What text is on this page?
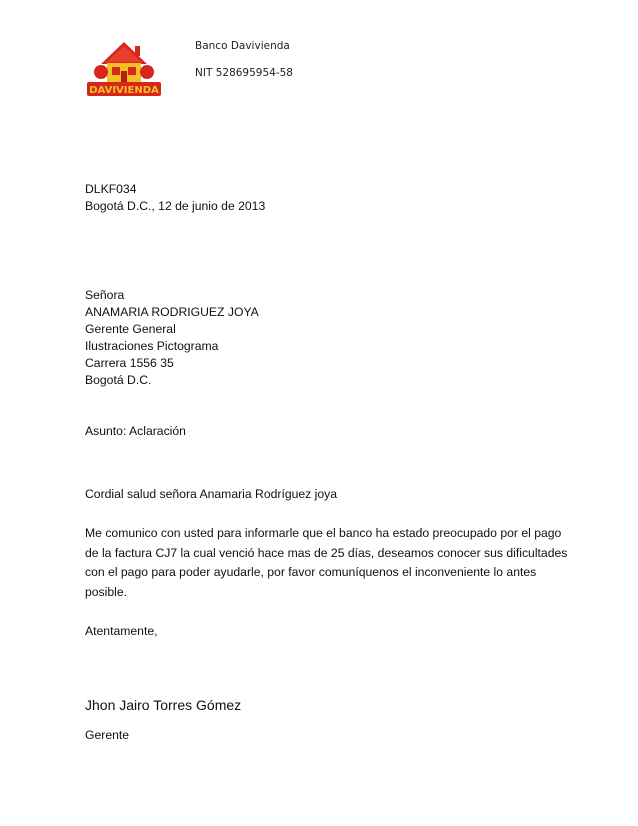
DAVIVIENDA
Banco Davivienda
NIT 528695954-58
DLKF034
Bogotá D.C., 12 de junio de 2013
Señora
ANAMARIA RODRIGUEZ JOYA
Gerente General
Ilustraciones Pictograma
Carrera 1556 35
Bogotá D.C.
Asunto: Aclaración
Cordial salud señora Anamaria Rodríguez joya
Me comunico con usted para informarle que el banco ha estado preocupado por el pago de la factura CJ7 la cual venció hace mas de 25 días, deseamos conocer sus dificultades con el pago para poder ayudarle, por favor comuníquenos el inconveniente lo antes posible.
Atentamente,
Jhon Jairo Torres Gómez
Gerente
